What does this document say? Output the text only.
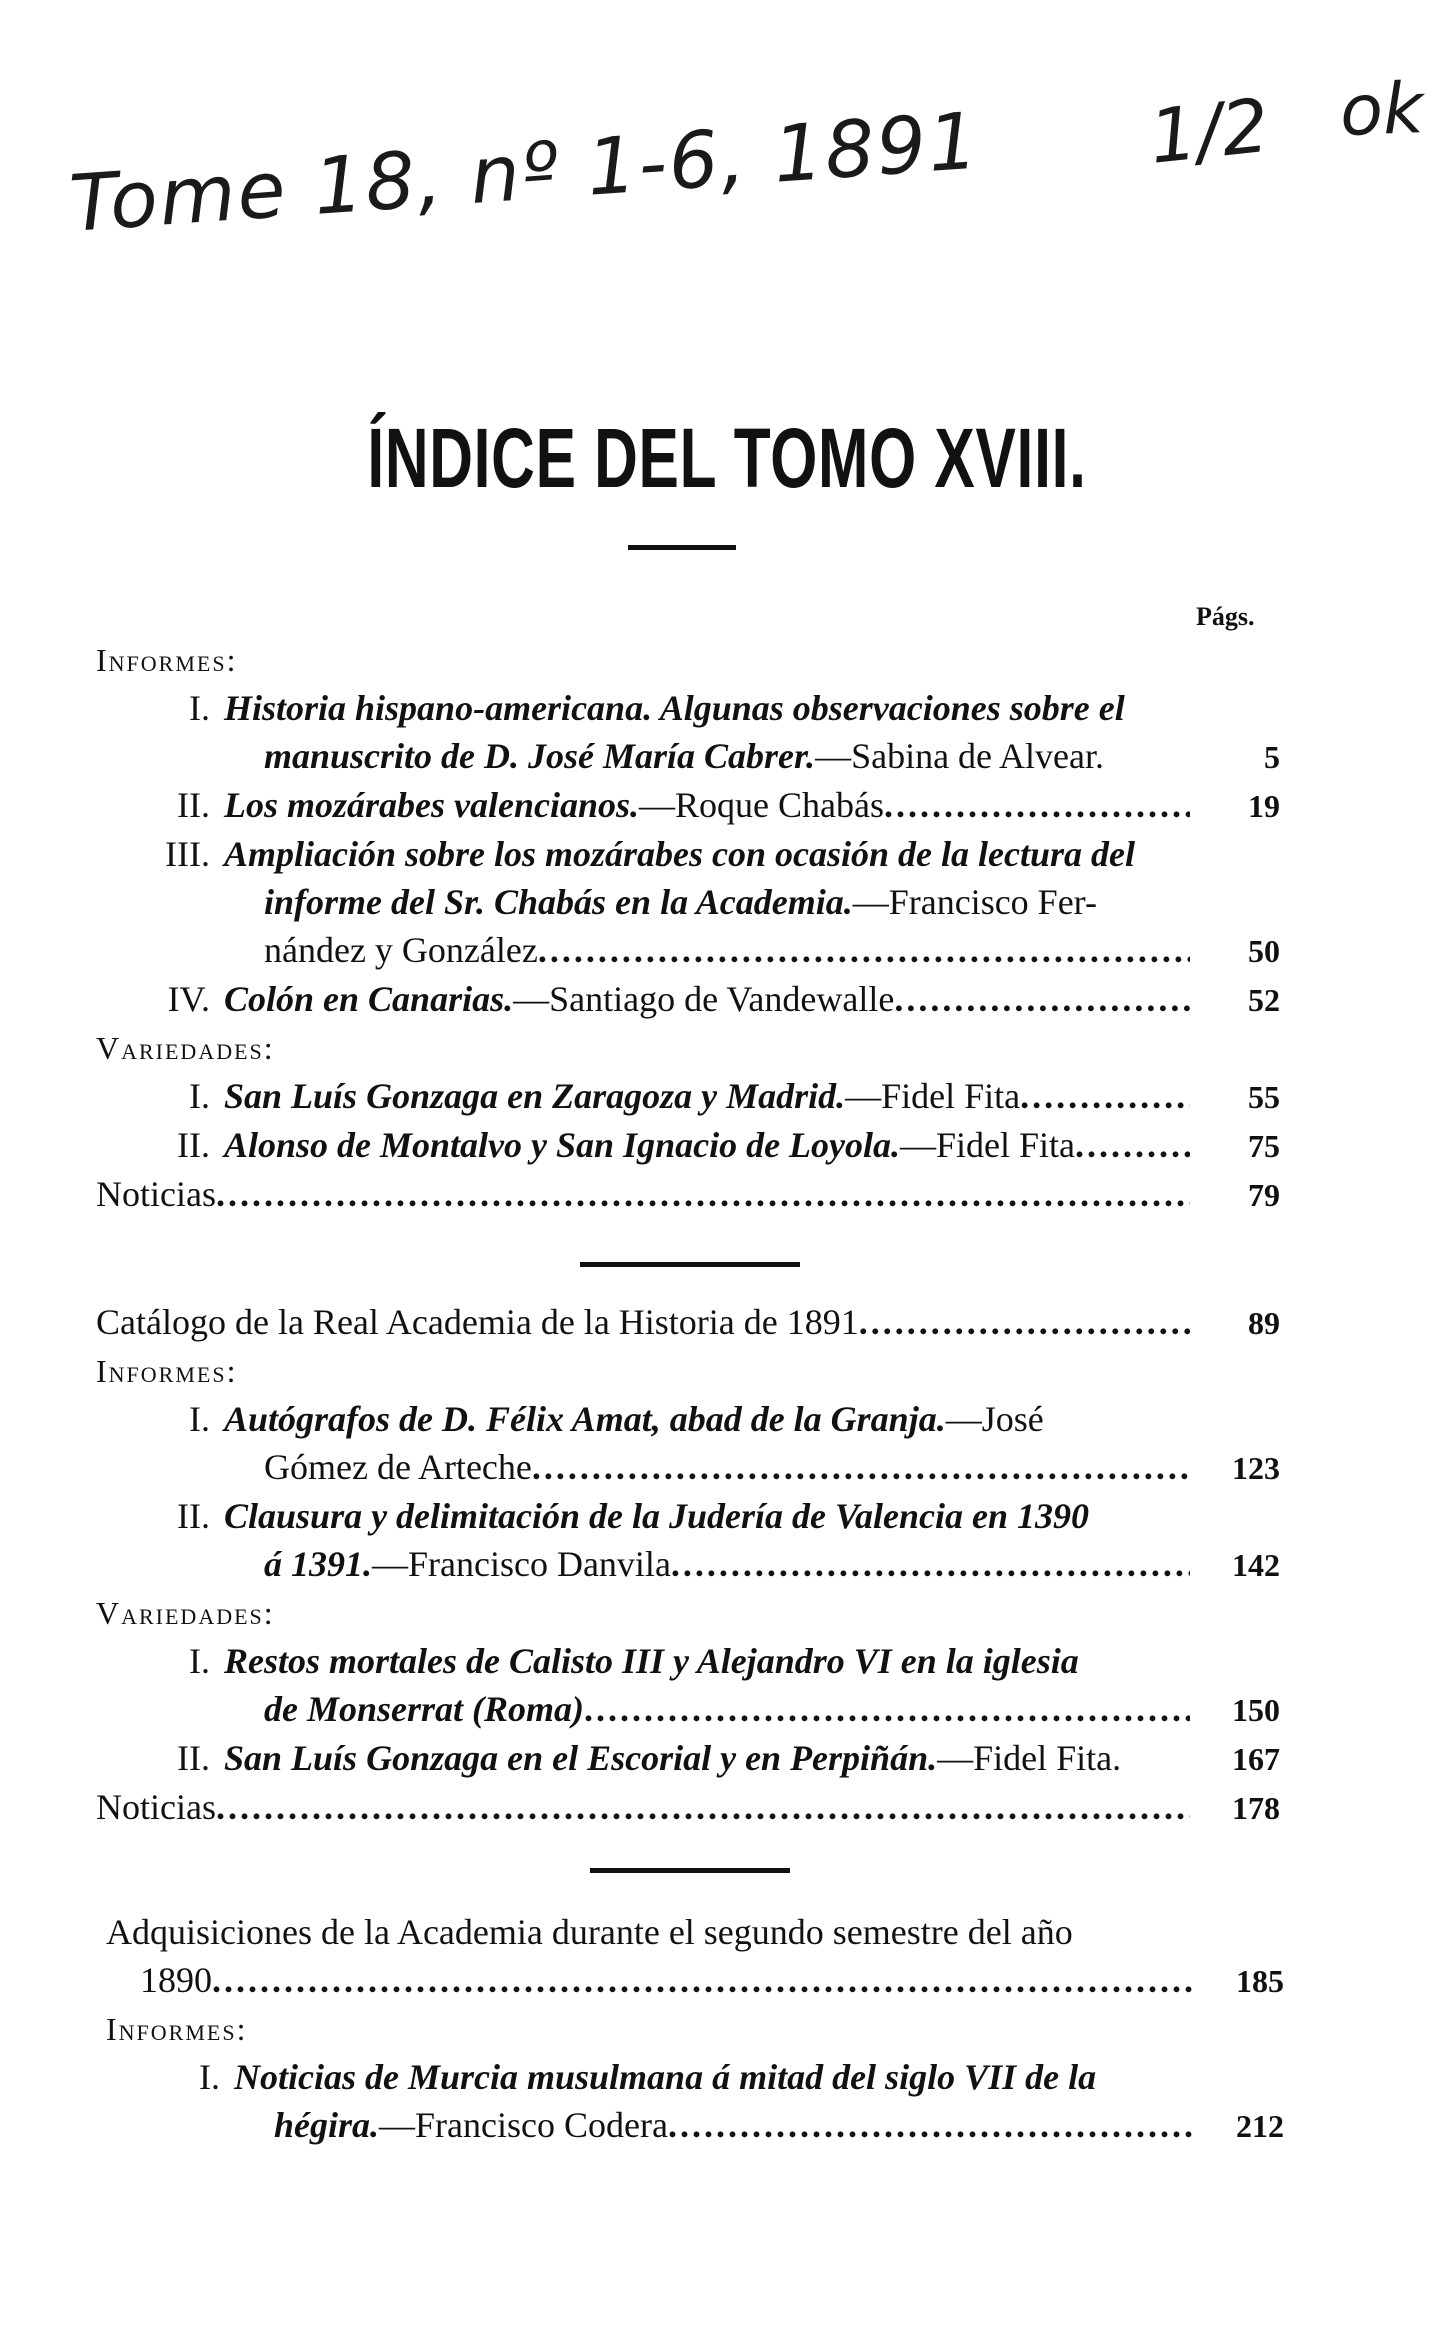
Tome 18, nº 1-6, 1891 1/2 ok
ÍNDICE DEL TOMO XVIII.
Págs.
Informes:
I. Historia hispano-americana. Algunas observaciones sobre el
manuscrito de D. José María Cabrer.—Sabina de Alvear.	5
II. Los mozárabes valencianos.—Roque Chabás .....	19
III. Ampliación sobre los mozárabes con ocasión de la lectura del
informe del Sr. Chabás en la Academia.—Francisco Fer-
nández y González .....	50
IV. Colón en Canarias.—Santiago de Vandewalle .....	52
Variedades:
I. San Luís Gonzaga en Zaragoza y Madrid.—Fidel Fita .....	55
II. Alonso de Montalvo y San Ignacio de Loyola.—Fidel Fita .....	75
Noticias .....	79
Catálogo de la Real Academia de la Historia de 1891 .....	89
Informes:
I. Autógrafos de D. Félix Amat, abad de la Granja.—José
Gómez de Arteche .....	123
II. Clausura y delimitación de la Judería de Valencia en 1390
á 1391.—Francisco Danvila .....	142
Variedades:
I. Restos mortales de Calisto III y Alejandro VI en la iglesia
de Monserrat (Roma) .....	150
II. San Luís Gonzaga en el Escorial y en Perpiñán.—Fidel Fita.	167
Noticias .....	178
Adquisiciones de la Academia durante el segundo semestre del año
1890 .....	185
Informes:
I. Noticias de Murcia musulmana á mitad del siglo VII de la
hégira.—Francisco Codera .....	212
